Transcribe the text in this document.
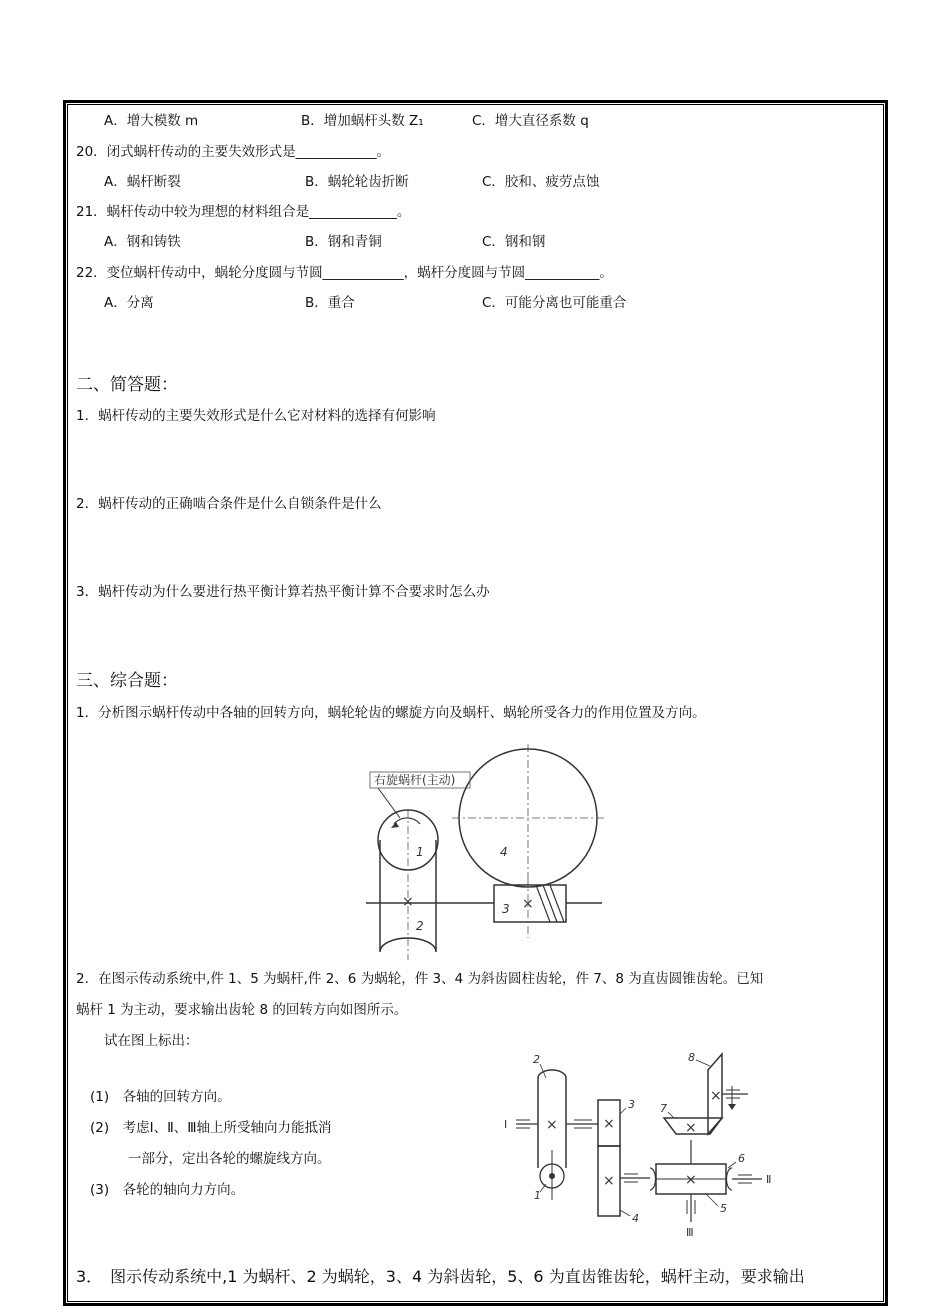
A．增大模数 m	B．增加蜗杆头数 Z₁	C．增大直径系数 q
20．闭式蜗杆传动的主要失效形式是____________。
A．蜗杆断裂	B．蜗轮轮齿折断	C．胶和、疲劳点蚀
21．蜗杆传动中较为理想的材料组合是_____________。
A．钢和铸铁	B．钢和青铜	C．钢和钢
22．变位蜗杆传动中，蜗轮分度圆与节圆____________，蜗杆分度圆与节圆___________。
A．分离	B．重合	C．可能分离也可能重合
二、简答题：
1．蜗杆传动的主要失效形式是什么它对材料的选择有何影响
2．蜗杆传动的正确啮合条件是什么自锁条件是什么
3．蜗杆传动为什么要进行热平衡计算若热平衡计算不合要求时怎么办
三、综合题：
1．分析图示蜗杆传动中各轴的回转方向，蜗轮轮齿的螺旋方向及蜗杆、蜗轮所受各力的作用位置及方向。
×	×
右旋蜗杆(主动)
1
2
3
4
2．在图示传动系统中,件 1、5 为蜗杆,件 2、6 为蜗轮，件 3、4 为斜齿圆柱齿轮，件 7、8 为直齿圆锥齿轮。已知
蜗杆 1 为主动，要求输出齿轮 8 的回转方向如图所示。
试在图上标出：
(1)　各轴的回转方向。
(2)　考虑Ⅰ、Ⅱ、Ⅲ轴上所受轴向力能抵消
一部分，定出各轮的螺旋线方向。
(3)　各轮的轴向力方向。
×	×
×	×
×
×
Ⅰ
Ⅱ
Ⅲ
2
1
3
4
5
6
7
8
3．　图示传动系统中,1 为蜗杆、2 为蜗轮，3、4 为斜齿轮，5、6 为直齿锥齿轮，蜗杆主动，要求输出
